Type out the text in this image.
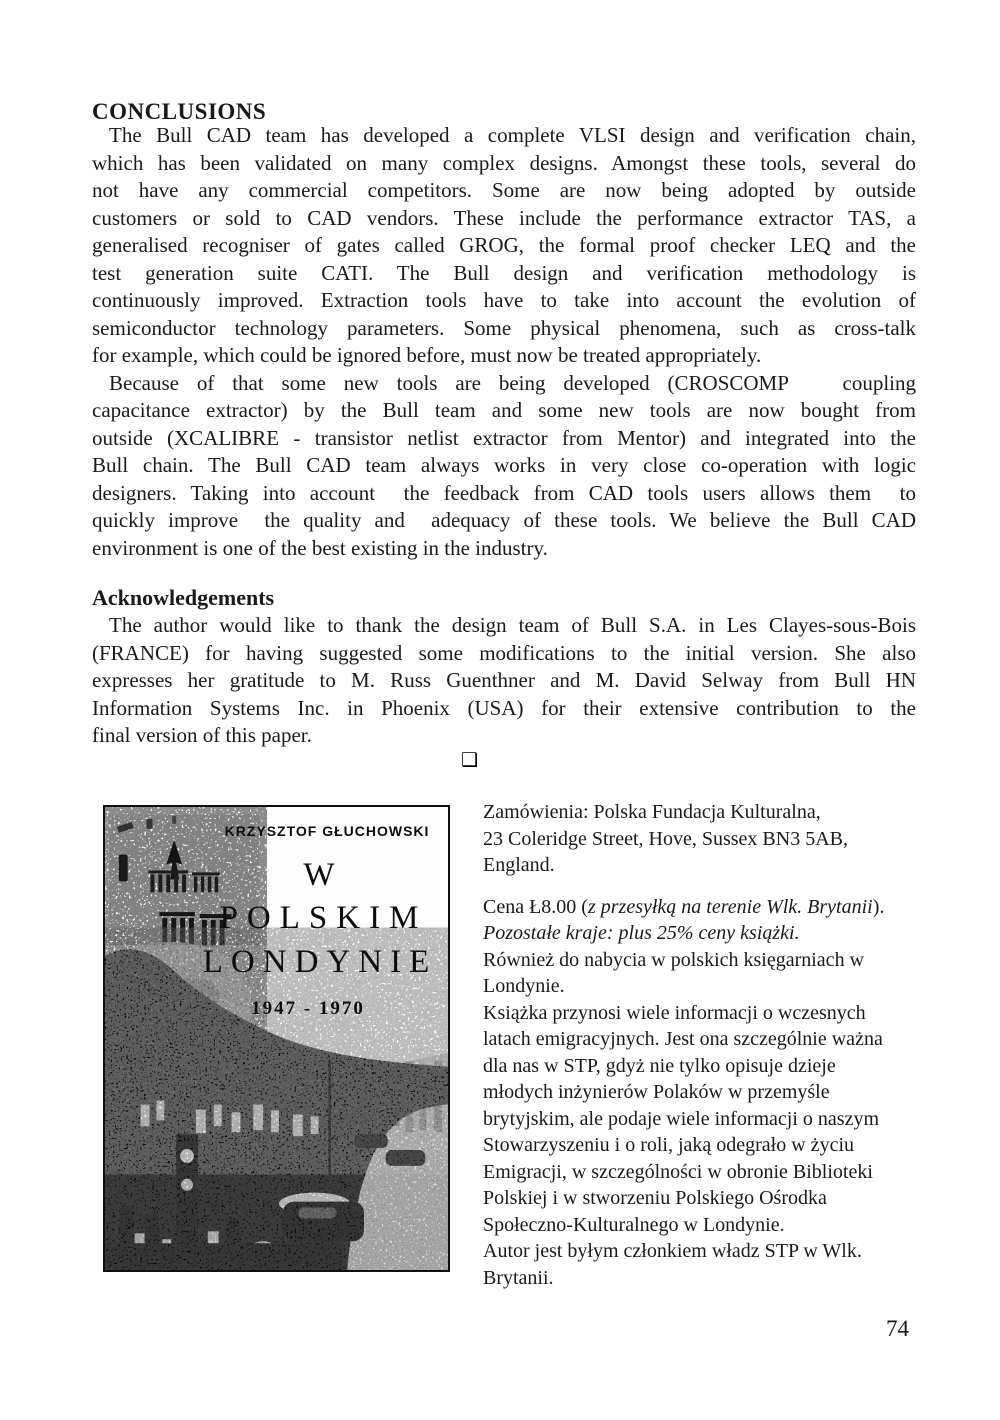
CONCLUSIONS
The Bull CAD team has developed a complete VLSI design and verification chain,
which has been validated on many complex designs. Amongst these tools, several do
not have any commercial competitors. Some are now being adopted by outside
customers or sold to CAD vendors. These include the performance extractor TAS, a
generalised recogniser of gates called GROG, the formal proof checker LEQ and the
test generation suite CATI. The Bull design and verification methodology is
continuously improved. Extraction tools have to take into account the evolution of
semiconductor technology parameters. Some physical phenomena, such as cross-talk
for example, which could be ignored before, must now be treated appropriately.
Because of that some new tools are being developed (CROSCOMP   coupling
capacitance extractor) by the Bull team and some new tools are now bought from
outside (XCALIBRE - transistor netlist extractor from Mentor) and integrated into the
Bull chain. The Bull CAD team always works in very close co-operation with logic
designers. Taking into account  the feedback from CAD tools users allows them  to
quickly improve  the quality and  adequacy of these tools. We believe the Bull CAD
environment is one of the best existing in the industry.
Acknowledgements
The author would like to thank the design team of Bull S.A. in Les Clayes-sous-Bois
(FRANCE) for having suggested some modifications to the initial version. She also
expresses her gratitude to M. Russ Guenthner and M. David Selway from Bull HN
Information Systems Inc. in Phoenix (USA) for their extensive contribution to the
final version of this paper.
❑
KRZYSZTOF GŁUCHOWSKI
W
POLSKIM
LONDYNIE
1947 - 1970
Zamówienia: Polska Fundacja Kulturalna,
23 Coleridge Street, Hove, Sussex BN3 5AB,
England.
Cena Ł8.00 (z przesyłką na terenie Wlk. Brytanii).
Pozostałe kraje: plus 25% ceny książki.
Również do nabycia w polskich księgarniach w
Londynie.
Książka przynosi wiele informacji o wczesnych
latach emigracyjnych. Jest ona szczególnie ważna
dla nas w STP, gdyż nie tylko opisuje dzieje
młodych inżynierów Polaków w przemyśle
brytyjskim, ale podaje wiele informacji o naszym
Stowarzyszeniu i o roli, jaką odegrało w życiu
Emigracji, w szczególności w obronie Biblioteki
Polskiej i w stworzeniu Polskiego Ośrodka
Społeczno-Kulturalnego w Londynie.
Autor jest byłym członkiem władz STP w Wlk.
Brytanii.
74
